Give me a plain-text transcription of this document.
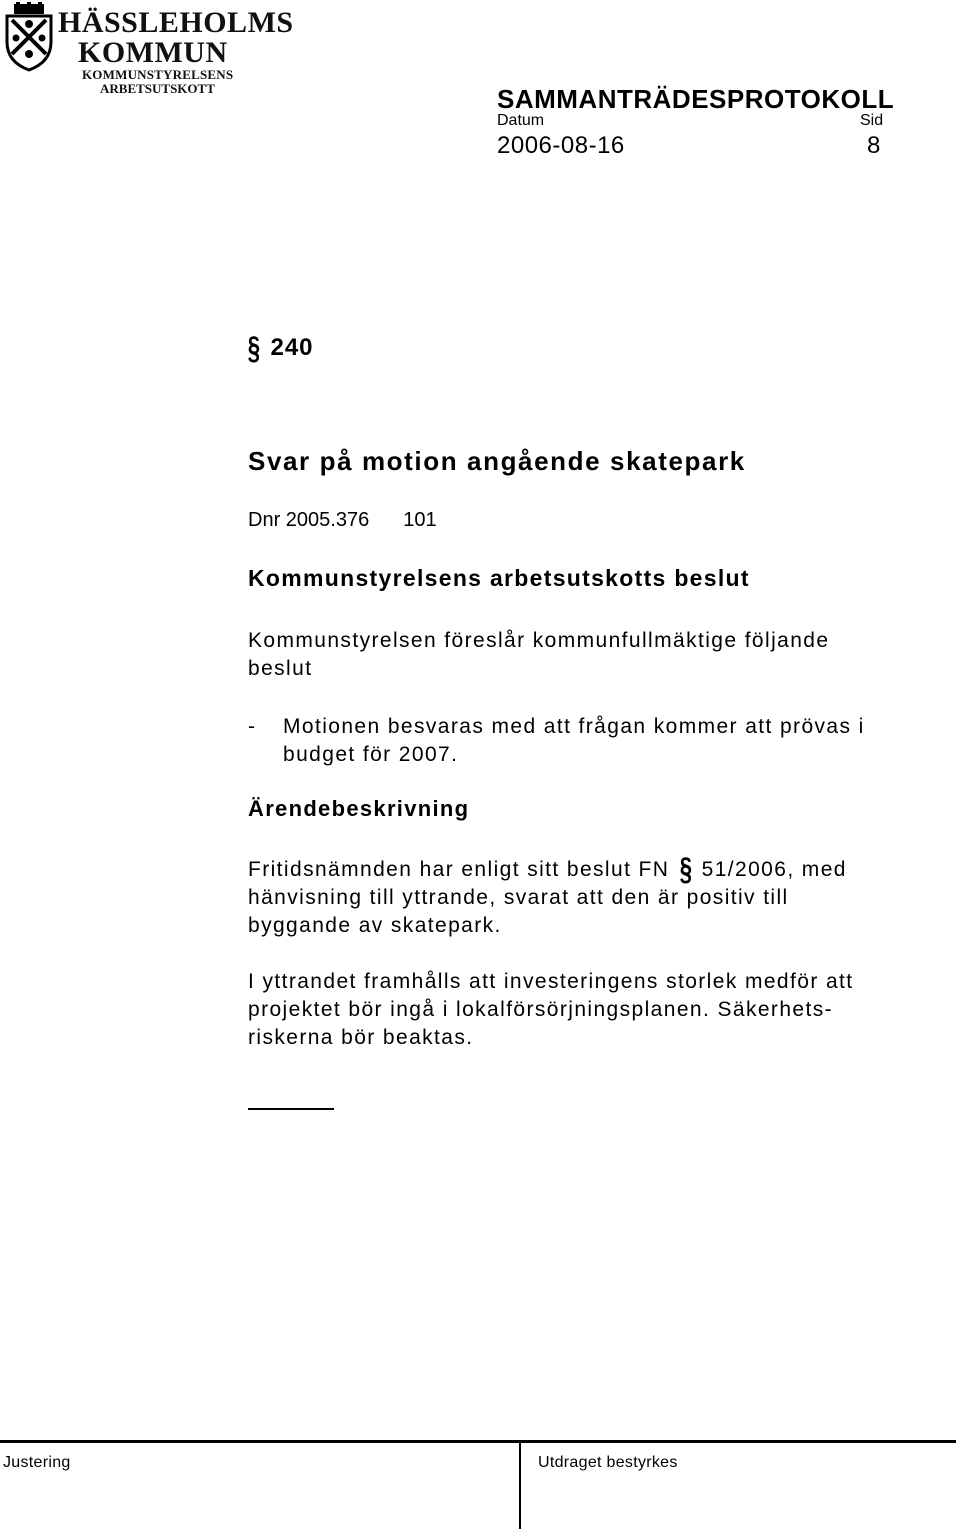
HÄSSLEHOLMS
KOMMUN
KOMMUNSTYRELSENS
ARBETSUTSKOTT	SAMMANTRÄDESPROTOKOLL
Datum	Sid
2006-08-16	8
§ 240
Svar på motion angående skatepark
Dnr 2005.376 101
Kommunstyrelsens arbetsutskotts beslut
Kommunstyrelsen föreslår kommunfullmäktige följande
beslut
- Motionen besvaras med att frågan kommer att prövas i
budget för 2007.
Ärendebeskrivning
Fritidsnämnden har enligt sitt beslut FN § 51/2006, med
hänvisning till yttrande, svarat att den är positiv till
byggande av skatepark.
I yttrandet framhålls att investeringens storlek medför att
projektet bör ingå i lokalförsörjningsplanen. Säkerhets-
riskerna bör beaktas.
Justering	Utdraget bestyrkes
